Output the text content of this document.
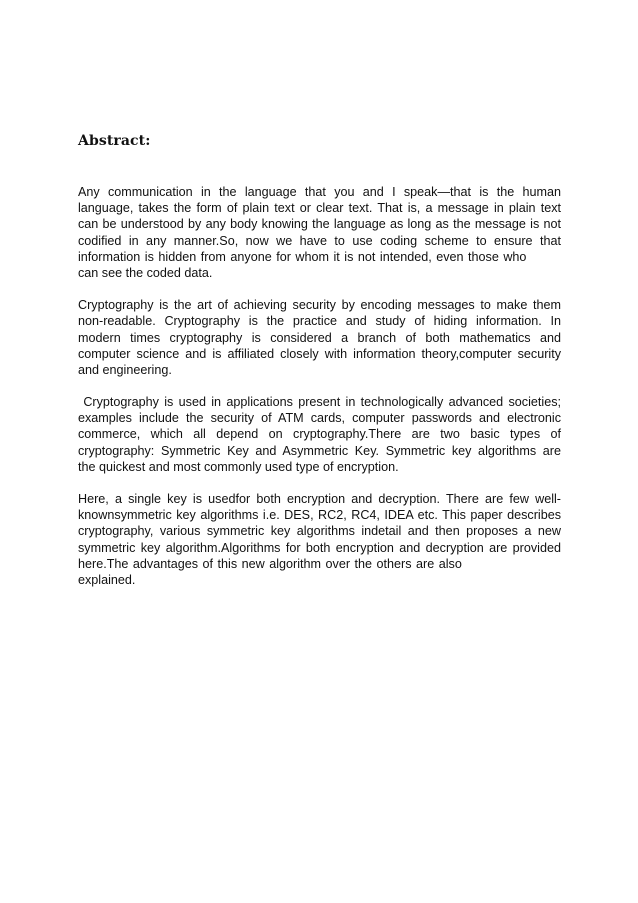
Abstract:

Any communication in the language that you and I speak—that is the human
language, takes the form of plain text or clear text. That is, a message in plain text
can be understood by any body knowing the language as long as the message is not
codified in any manner.So, now we have to use coding scheme to ensure that
information is hidden from anyone for whom it is not intended, even those who
can see the coded data.

Cryptography is the art of achieving security by encoding messages to make them
non-readable. Cryptography is the practice and study of hiding information. In
modern times cryptography is considered a branch of both mathematics and
computer science and is affiliated closely with information theory,computer security
and engineering.

Cryptography is used in applications present in technologically advanced societies;
examples include the security of ATM cards, computer passwords and electronic
commerce, which all depend on cryptography.There are two basic types of
cryptography: Symmetric Key and Asymmetric Key. Symmetric key algorithms are
the quickest and most commonly used type of encryption.

Here, a single key is usedfor both encryption and decryption. There are few well-
knownsymmetric key algorithms i.e. DES, RC2, RC4, IDEA etc. This paper describes
cryptography, various symmetric key algorithms indetail and then proposes a new
symmetric key algorithm.Algorithms for both encryption and decryption are provided
here.The advantages of this new algorithm over the others are also
explained.
